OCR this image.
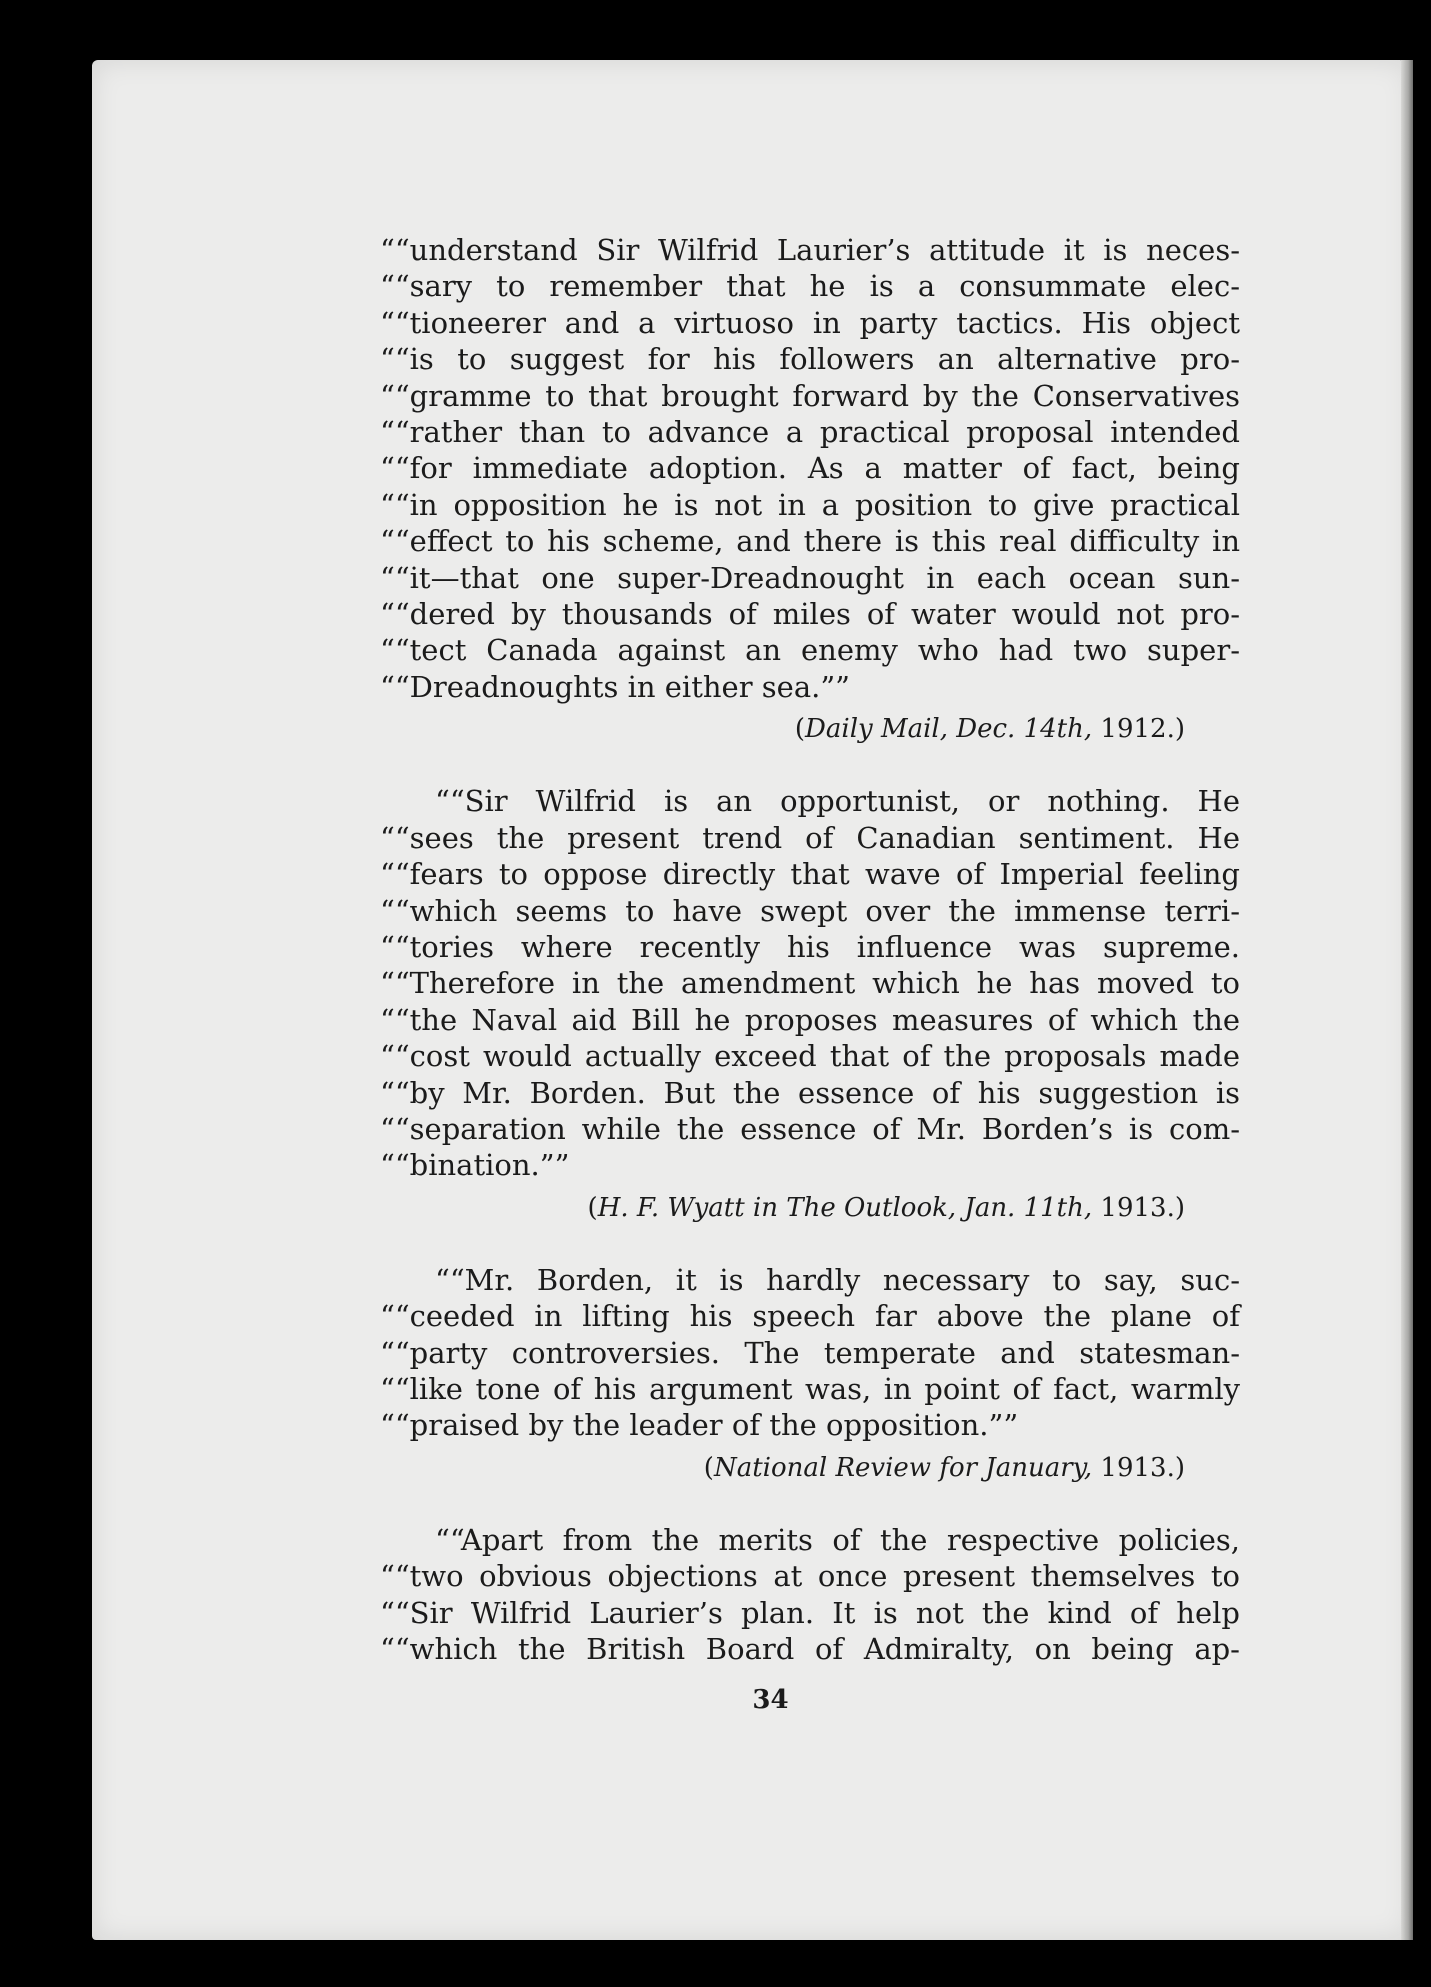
““understand Sir Wilfrid Laurier’s attitude it is neces-
““sary to remember that he is a consummate elec-
““tioneerer and a virtuoso in party tactics. His object
““is to suggest for his followers an alternative pro-
““gramme to that brought forward by the Conservatives
““rather than to advance a practical proposal intended
““for immediate adoption. As a matter of fact, being
““in opposition he is not in a position to give practical
““effect to his scheme, and there is this real difficulty in
““it—that one super-Dreadnought in each ocean sun-
““dered by thousands of miles of water would not pro-
““tect Canada against an enemy who had two super-
““Dreadnoughts in either sea.””
(Daily Mail, Dec. 14th, 1912.)
““Sir Wilfrid is an opportunist, or nothing. He
““sees the present trend of Canadian sentiment. He
““fears to oppose directly that wave of Imperial feeling
““which seems to have swept over the immense terri-
““tories where recently his influence was supreme.
““Therefore in the amendment which he has moved to
““the Naval aid Bill he proposes measures of which the
““cost would actually exceed that of the proposals made
““by Mr. Borden. But the essence of his suggestion is
““separation while the essence of Mr. Borden’s is com-
““bination.””
(H. F. Wyatt in The Outlook, Jan. 11th, 1913.)
““Mr. Borden, it is hardly necessary to say, suc-
““ceeded in lifting his speech far above the plane of
““party controversies. The temperate and statesman-
““like tone of his argument was, in point of fact, warmly
““praised by the leader of the opposition.””
(National Review for January, 1913.)
““Apart from the merits of the respective policies,
““two obvious objections at once present themselves to
““Sir Wilfrid Laurier’s plan. It is not the kind of help
““which the British Board of Admiralty, on being ap-
34
